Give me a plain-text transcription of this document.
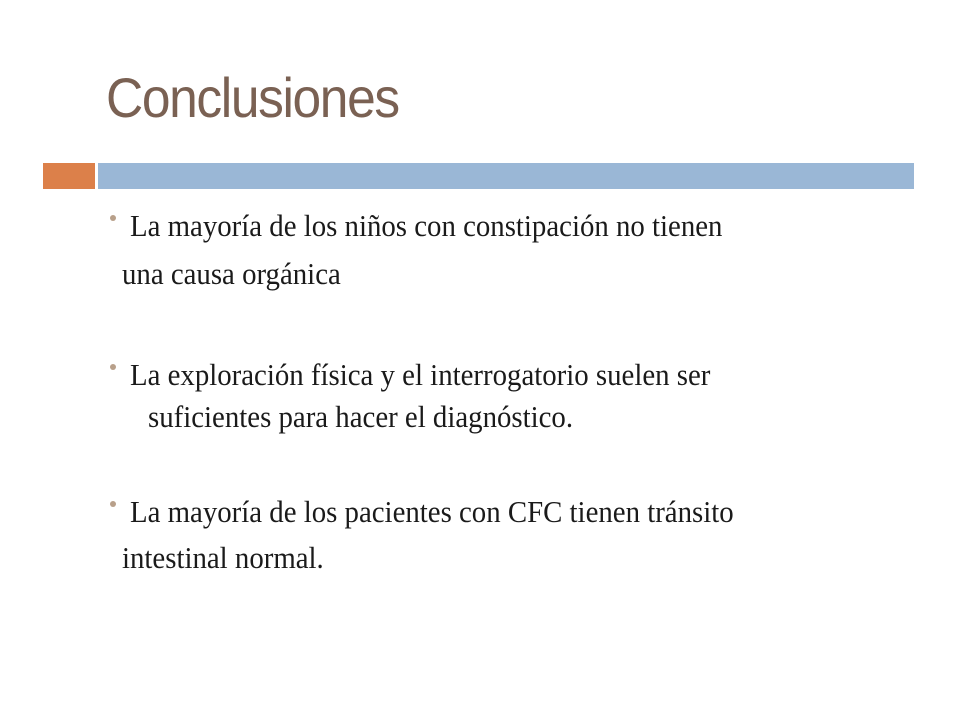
Conclusiones
La mayoría de los niños con constipación no tienen
una causa orgánica
La exploración física y el interrogatorio suelen ser
suficientes para hacer el diagnóstico.
La mayoría de los pacientes con CFC tienen tránsito
intestinal normal.
